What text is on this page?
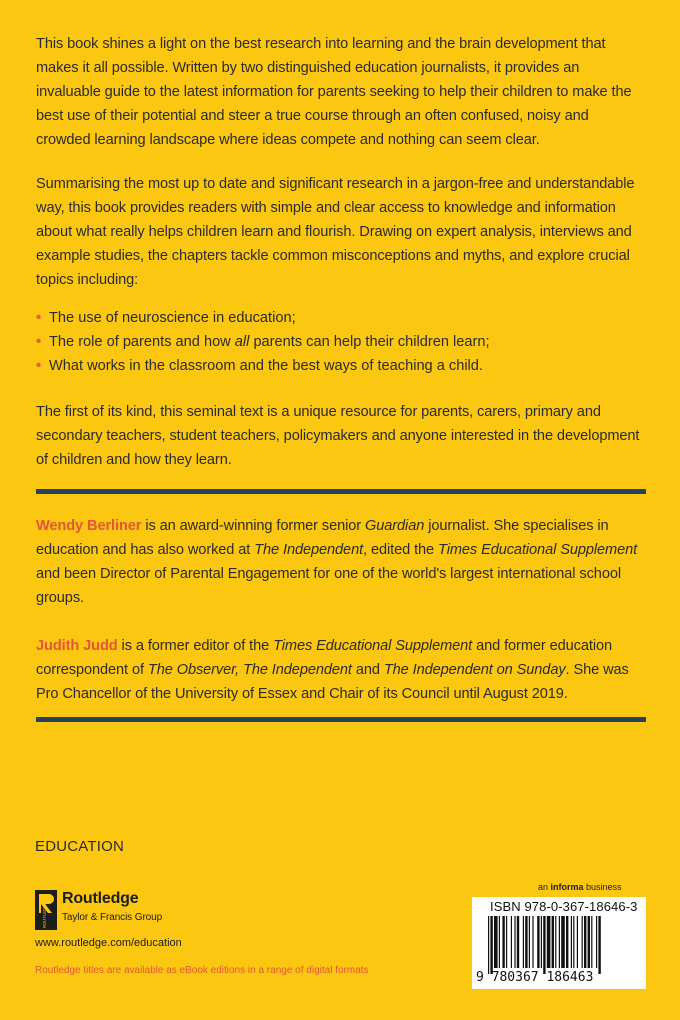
This book shines a light on the best research into learning and the brain development that makes it all possible. Written by two distinguished education journalists, it provides an invaluable guide to the latest information for parents seeking to help their children to make the best use of their potential and steer a true course through an often confused, noisy and crowded learning landscape where ideas compete and nothing can seem clear.

Summarising the most up to date and significant research in a jargon-free and understandable way, this book provides readers with simple and clear access to knowledge and information about what really helps children learn and flourish. Drawing on expert analysis, interviews and example studies, the chapters tackle common misconceptions and myths, and explore crucial topics including:

• The use of neuroscience in education;
• The role of parents and how all parents can help their children learn;
• What works in the classroom and the best ways of teaching a child.

The first of its kind, this seminal text is a unique resource for parents, carers, primary and secondary teachers, student teachers, policymakers and anyone interested in the development of children and how they learn.

Wendy Berliner is an award-winning former senior Guardian journalist. She specialises in education and has also worked at The Independent, edited the Times Educational Supplement and been Director of Parental Engagement for one of the world's largest international school groups.

Judith Judd is a former editor of the Times Educational Supplement and former education correspondent of The Observer, The Independent and The Independent on Sunday. She was Pro Chancellor of the University of Essex and Chair of its Council until August 2019.

EDUCATION
ROUTLEDGE
Routledge
Taylor & Francis Group
www.routledge.com/education
Routledge titles are available as eBook editions in a range of digital formats
an informa business
ISBN 978-0-367-18646-3
9 780367 186463
